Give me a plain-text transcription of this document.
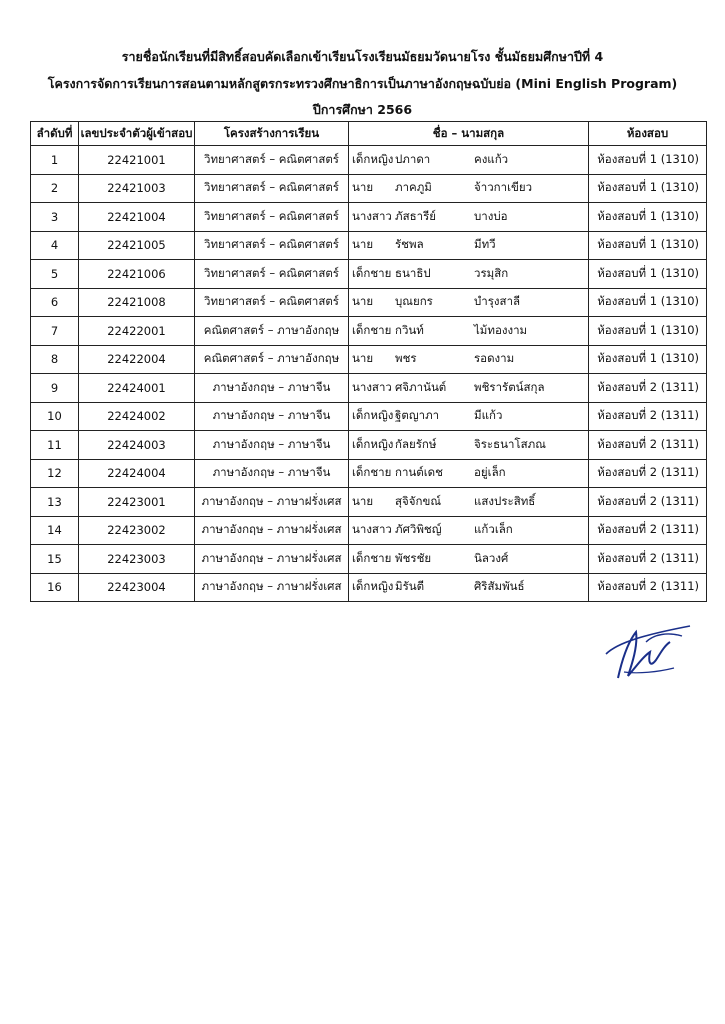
รายชื่อนักเรียนที่มีสิทธิ์สอบคัดเลือกเข้าเรียนโรงเรียนมัธยมวัดนายโรง ชั้นมัธยมศึกษาปีที่ 4
โครงการจัดการเรียนการสอนตามหลักสูตรกระทรวงศึกษาธิการเป็นภาษาอังกฤษฉบับย่อ (Mini English Program)
ปีการศึกษา 2566
ลำดับที่	เลขประจำตัวผู้เข้าสอบ	โครงสร้างการเรียน	ชื่อ – นามสกุล	ห้องสอบ
1	22421001	วิทยาศาสตร์ – คณิตศาสตร์	เด็กหญิง ปภาดา คงแก้ว	ห้องสอบที่ 1 (1310)
2	22421003	วิทยาศาสตร์ – คณิตศาสตร์	นาย ภาคภูมิ จ้าวกาเขียว	ห้องสอบที่ 1 (1310)
3	22421004	วิทยาศาสตร์ – คณิตศาสตร์	นางสาว ภัสธารีย์ บางบ่อ	ห้องสอบที่ 1 (1310)
4	22421005	วิทยาศาสตร์ – คณิตศาสตร์	นาย รัชพล มีทวี	ห้องสอบที่ 1 (1310)
5	22421006	วิทยาศาสตร์ – คณิตศาสตร์	เด็กชาย ธนาธิป วรมุสิก	ห้องสอบที่ 1 (1310)
6	22421008	วิทยาศาสตร์ – คณิตศาสตร์	นาย บุณยกร บำรุงสาลี	ห้องสอบที่ 1 (1310)
7	22422001	คณิตศาสตร์ – ภาษาอังกฤษ	เด็กชาย กวินท์ ไม้ทองงาม	ห้องสอบที่ 1 (1310)
8	22422004	คณิตศาสตร์ – ภาษาอังกฤษ	นาย พชร รอดงาม	ห้องสอบที่ 1 (1310)
9	22424001	ภาษาอังกฤษ – ภาษาจีน	นางสาว ศจิภานันต์ พชิรารัตน์สกุล	ห้องสอบที่ 2 (1311)
10	22424002	ภาษาอังกฤษ – ภาษาจีน	เด็กหญิง ฐิตญาภา มีแก้ว	ห้องสอบที่ 2 (1311)
11	22424003	ภาษาอังกฤษ – ภาษาจีน	เด็กหญิง กัลยรักษ์ จิระธนาโสภณ	ห้องสอบที่ 2 (1311)
12	22424004	ภาษาอังกฤษ – ภาษาจีน	เด็กชาย กานต์เดช อยู่เล็ก	ห้องสอบที่ 2 (1311)
13	22423001	ภาษาอังกฤษ – ภาษาฝรั่งเศส	นาย สุจิจักขณ์ แสงประสิทธิ์	ห้องสอบที่ 2 (1311)
14	22423002	ภาษาอังกฤษ – ภาษาฝรั่งเศส	นางสาว ภัศวิพิชญ์ แก้วเล็ก	ห้องสอบที่ 2 (1311)
15	22423003	ภาษาอังกฤษ – ภาษาฝรั่งเศส	เด็กชาย พัชรชัย นิลวงศ์	ห้องสอบที่ 2 (1311)
16	22423004	ภาษาอังกฤษ – ภาษาฝรั่งเศส	เด็กหญิง มิรันตี ศิริสัมพันธ์	ห้องสอบที่ 2 (1311)
